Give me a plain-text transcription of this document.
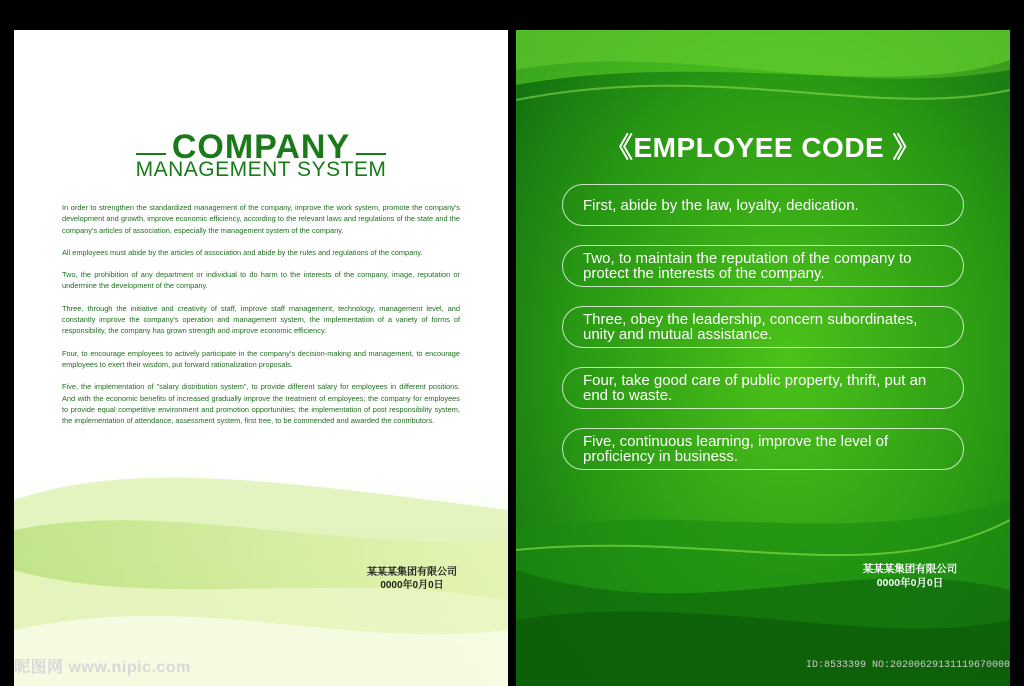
COMPANY
MANAGEMENT SYSTEM

In order to strengthen the standardized management of the company, improve the work system, promote the company's development and growth, improve economic efficiency, according to the relevant laws and regulations of the state and the company's articles of association, especially the management system of the company.

All employees must abide by the articles of association and abide by the rules and regulations of the company.

Two, the prohibition of any department or individual to do harm to the interests of the company, image, reputation or undermine the development of the company.

Three, through the initiative and creativity of staff, improve staff management, technology, management level, and constantly improve the company's operation and management system, the implementation of a variety of forms of responsibility, the company has grown strength and improve economic efficiency.

Four, to encourage employees to actively participate in the company's decision-making and management, to encourage employees to exert their wisdom, put forward rationalization proposals.

Five, the implementation of "salary distribution system", to provide different salary for employees in different positions. And with the economic benefits of increased gradually improve the treatment of employees; the company for employees to provide equal competitive environment and promotion opportunities; the implementation of post responsibility system, the implementation of attendance, assessment system, first tree, to be commended and awarded the contributors.

某某某集团有限公司
0000年0月0日
昵图网 www.nipic.com
《EMPLOYEE CODE 》
First, abide by the law, loyalty, dedication.
Two, to maintain the reputation of the company to protect the interests of the company.
Three, obey the leadership, concern subordinates, unity and mutual assistance.
Four, take good care of public property, thrift, put an end to waste.
Five, continuous learning, improve the level of proficiency in business.
某某某集团有限公司
0000年0月0日
ID:8533399 NO:20200629131119670000
